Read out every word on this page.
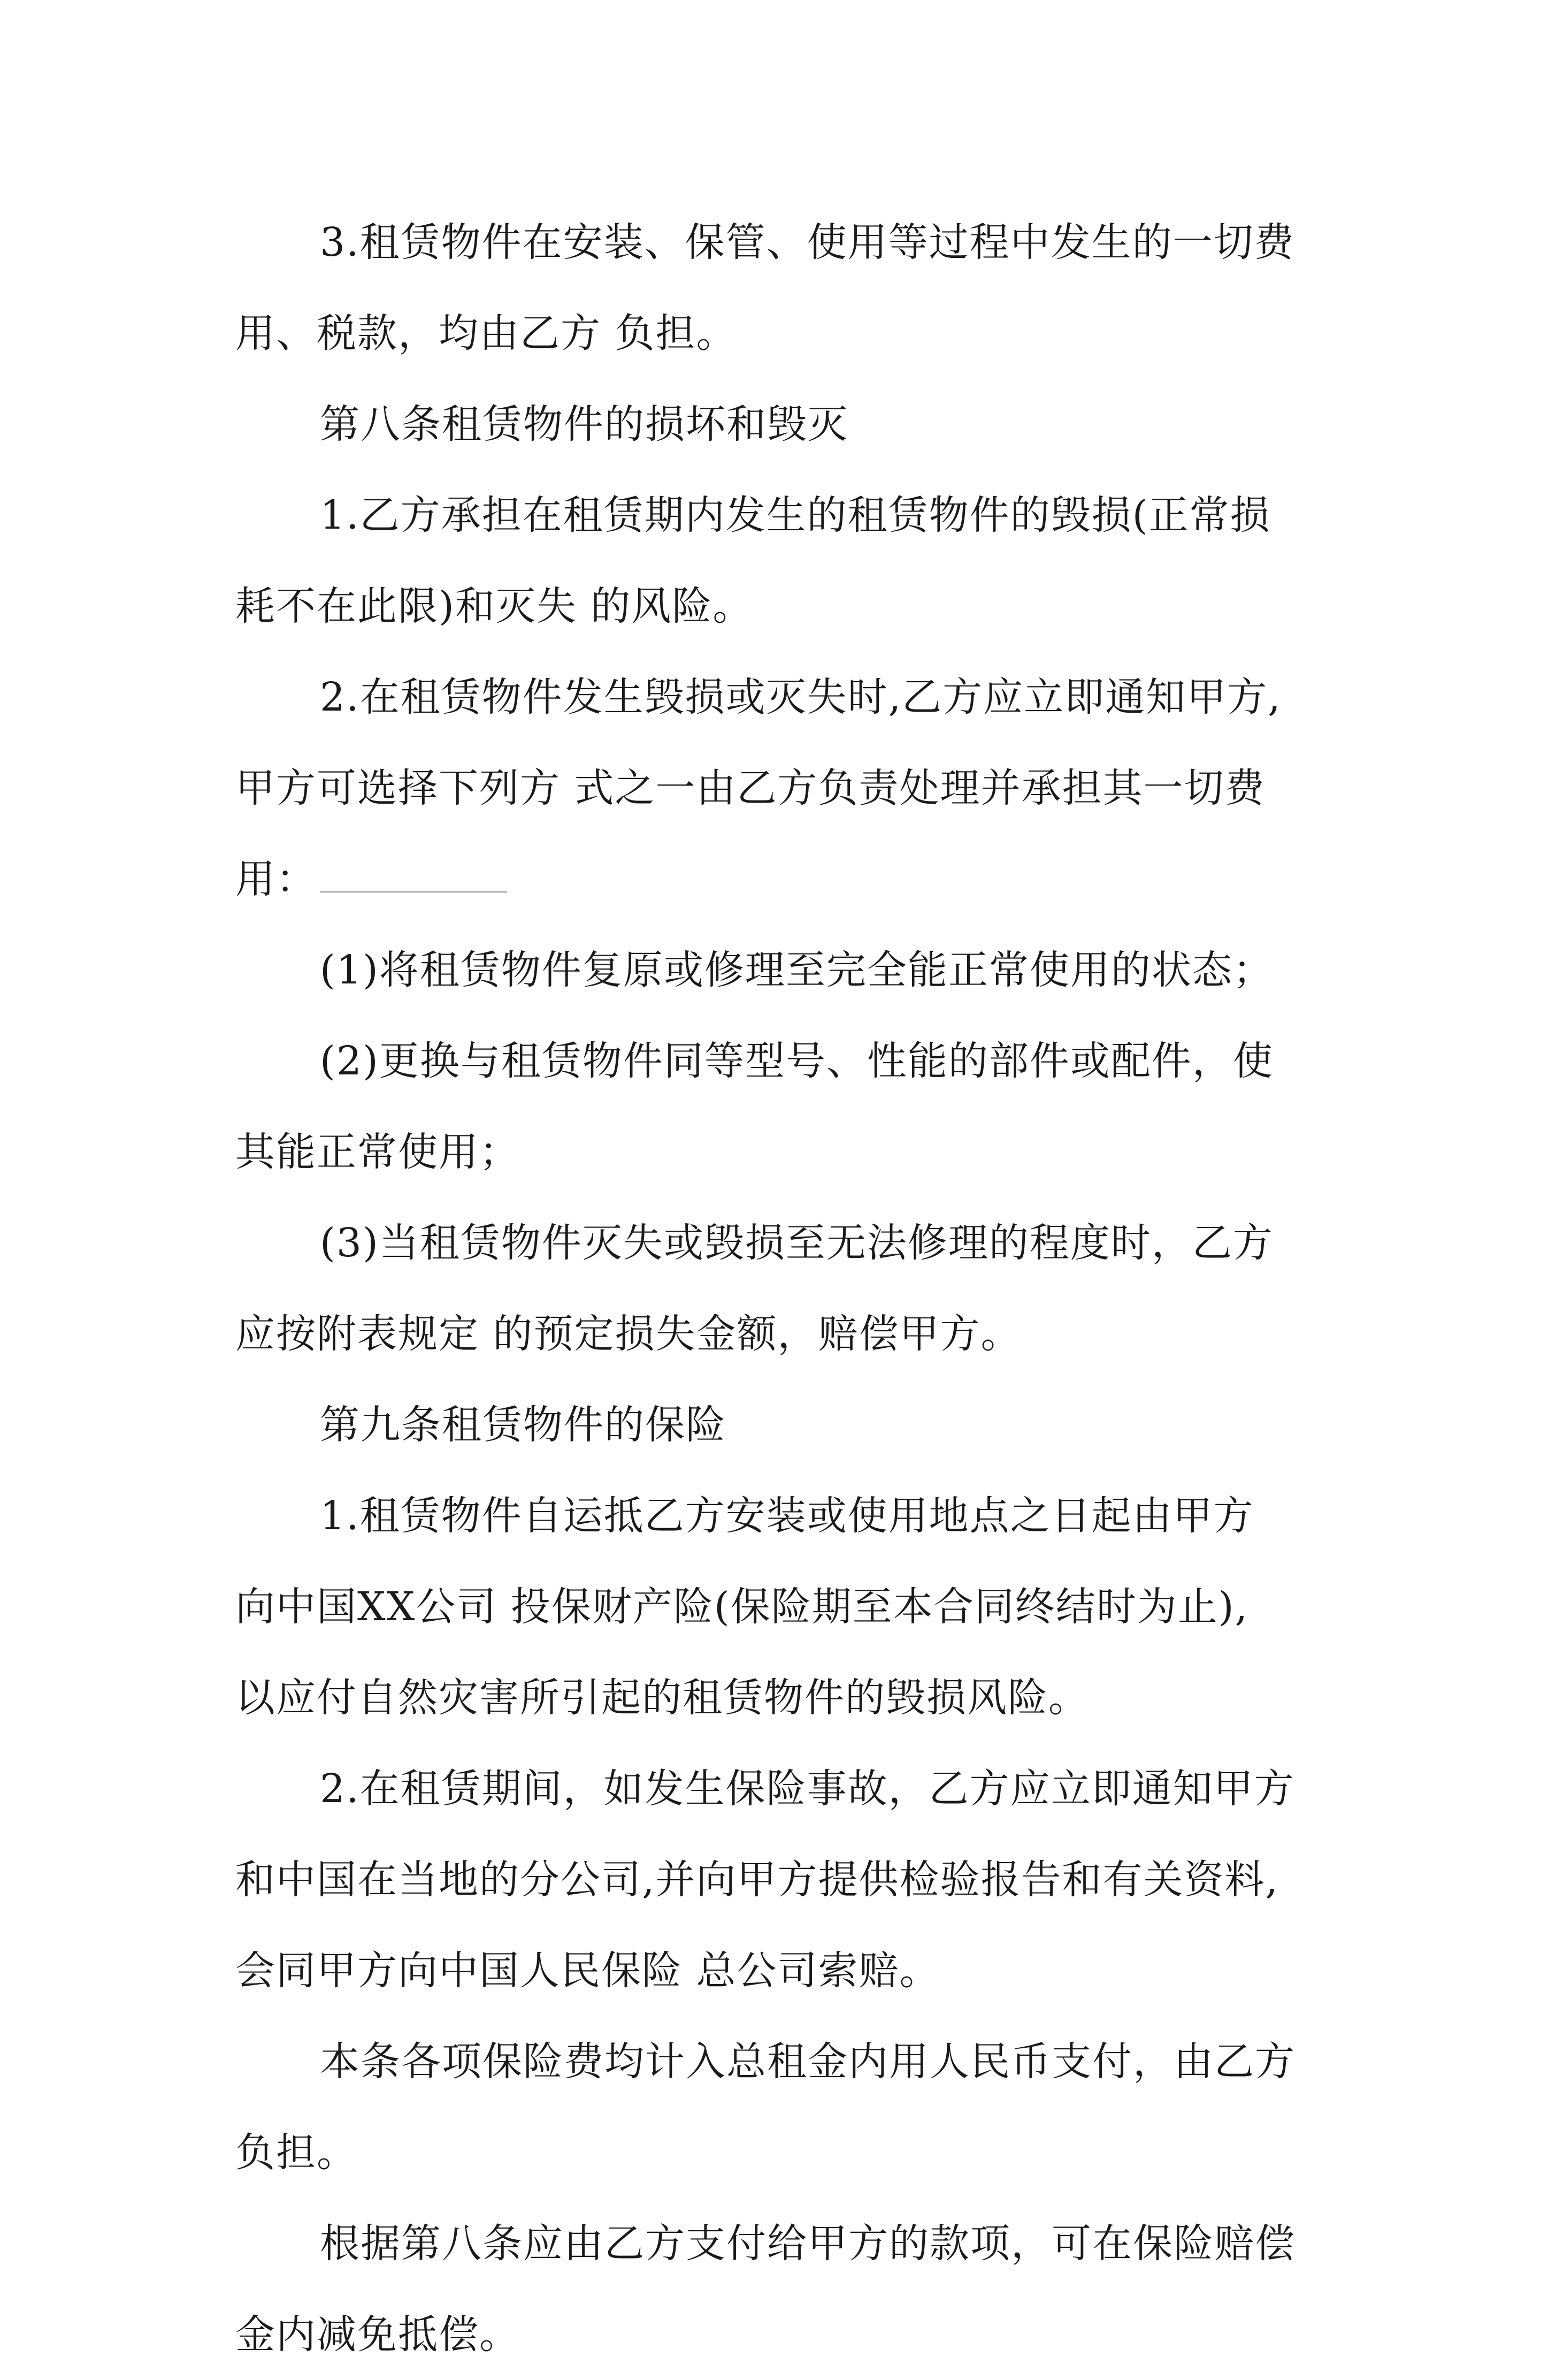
3.租赁物件在安装、保管、使用等过程中发生的一切费
用、税款，均由乙方 负担。

第八条租赁物件的损坏和毁灭

1.乙方承担在租赁期内发生的租赁物件的毁损(正常损
耗不在此限)和灭失 的风险。

2.在租赁物件发生毁损或灭失时,乙方应立即通知甲方,
甲方可选择下列方 式之一由乙方负责处理并承担其一切费
用：

(1)将租赁物件复原或修理至完全能正常使用的状态；

(2)更换与租赁物件同等型号、性能的部件或配件，使
其能正常使用；

(3)当租赁物件灭失或毁损至无法修理的程度时，乙方
应按附表规定 的预定损失金额，赔偿甲方。

第九条租赁物件的保险

1.租赁物件自运抵乙方安装或使用地点之日起由甲方
向中国XX公司 投保财产险(保险期至本合同终结时为止),
以应付自然灾害所引起的租赁物件的毁损风险。

2.在租赁期间，如发生保险事故，乙方应立即通知甲方
和中国在当地的分公司,并向甲方提供检验报告和有关资料,
会同甲方向中国人民保险 总公司索赔。

本条各项保险费均计入总租金内用人民币支付，由乙方
负担。

根据第八条应由乙方支付给甲方的款项，可在保险赔偿
金内减免抵偿。
